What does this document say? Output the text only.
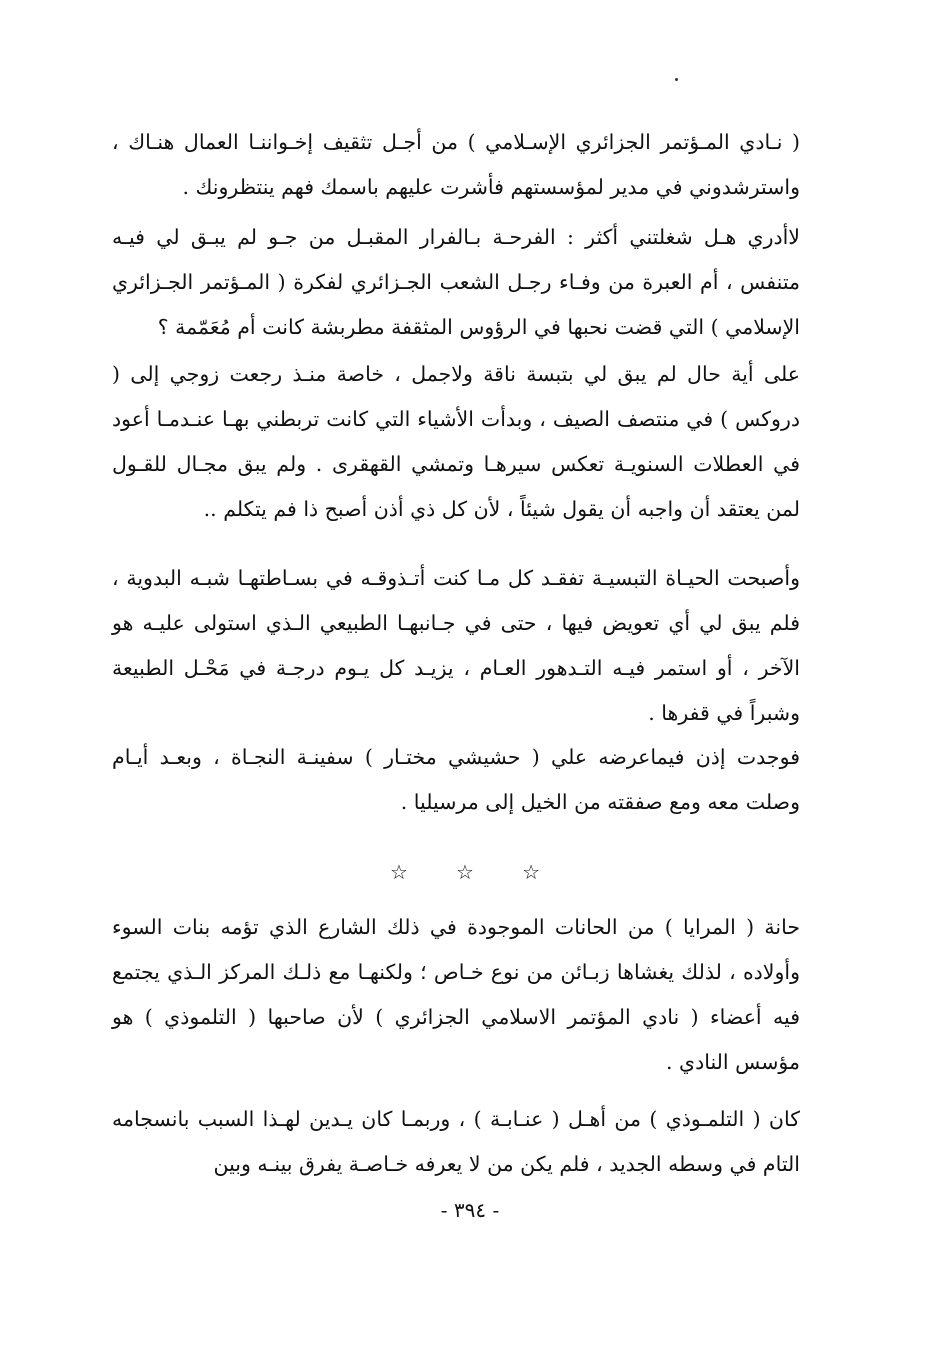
( نـادي المـؤتمر الجزائري الإسـلامي ) من أجـل تثقيف إخـواننـا العمال هنـاك ، واسترشدوني في مدير لمؤسستهم فأشرت عليهم باسمك فهم ينتظرونك .

لاأدري هـل شغلتني أكثر : الفرحـة بـالفرار المقبـل من جـو لم يبـق لي فيـه متنفس ، أم العبرة من وفـاء رجـل الشعب الجـزائري لفكرة ( المـؤتمر الجـزائري الإسلامي ) التي قضت نحبها في الرؤوس المثقفة مطربشة كانت أم مُعَمّمة ؟

على أية حال لم يبق لي بتبسة ناقة ولاجمل ، خاصة منـذ رجعت زوجي إلى ( دروكس ) في منتصف الصيف ، وبدأت الأشياء التي كانت تربطني بهـا عنـدمـا أعود في العطلات السنويـة تعكس سيرهـا وتمشي القهقرى . ولم يبق مجـال للقـول لمن يعتقد أن واجبه أن يقول شيئاً ، لأن كل ذي أذن أصبح ذا فم يتكلم ..

وأصبحت الحيـاة التبسيـة تفقـد كل مـا كنت أتـذوقـه في بسـاطتهـا شبـه البدوية ، فلم يبق لي أي تعويض فيها ، حتى في جـانبهـا الطبيعي الـذي استولى عليـه هو الآخر ، أو استمر فيـه التـدهور العـام ، يزيـد كل يـوم درجـة في مَحْـل الطبيعة وشبراً في قفرها .

فوجدت إذن فيماعرضه علي ( حشيشي مختـار ) سفينـة النجـاة ، وبعـد أيـام وصلت معه ومع صفقته من الخيل إلى مرسيليا .

☆
☆
☆

حانة ( المرايا ) من الحانات الموجودة في ذلك الشارع الذي تؤمه بنات السوء وأولاده ، لذلك يغشاها زبـائن من نوع خـاص ؛ ولكنهـا مع ذلـك المركز الـذي يجتمع فيه أعضاء ( نادي المؤتمر الاسلامي الجزائري ) لأن صاحبها ( التلموذي ) هو مؤسس النادي .

كان ( التلمـوذي ) من أهـل ( عنـابـة ) ، وربمـا كان يـدين لهـذا السبب بانسجامه التام في وسطه الجديد ، فلم يكن من لا يعرفه خـاصـة يفرق بينـه وبين

- ٣٩٤ -
